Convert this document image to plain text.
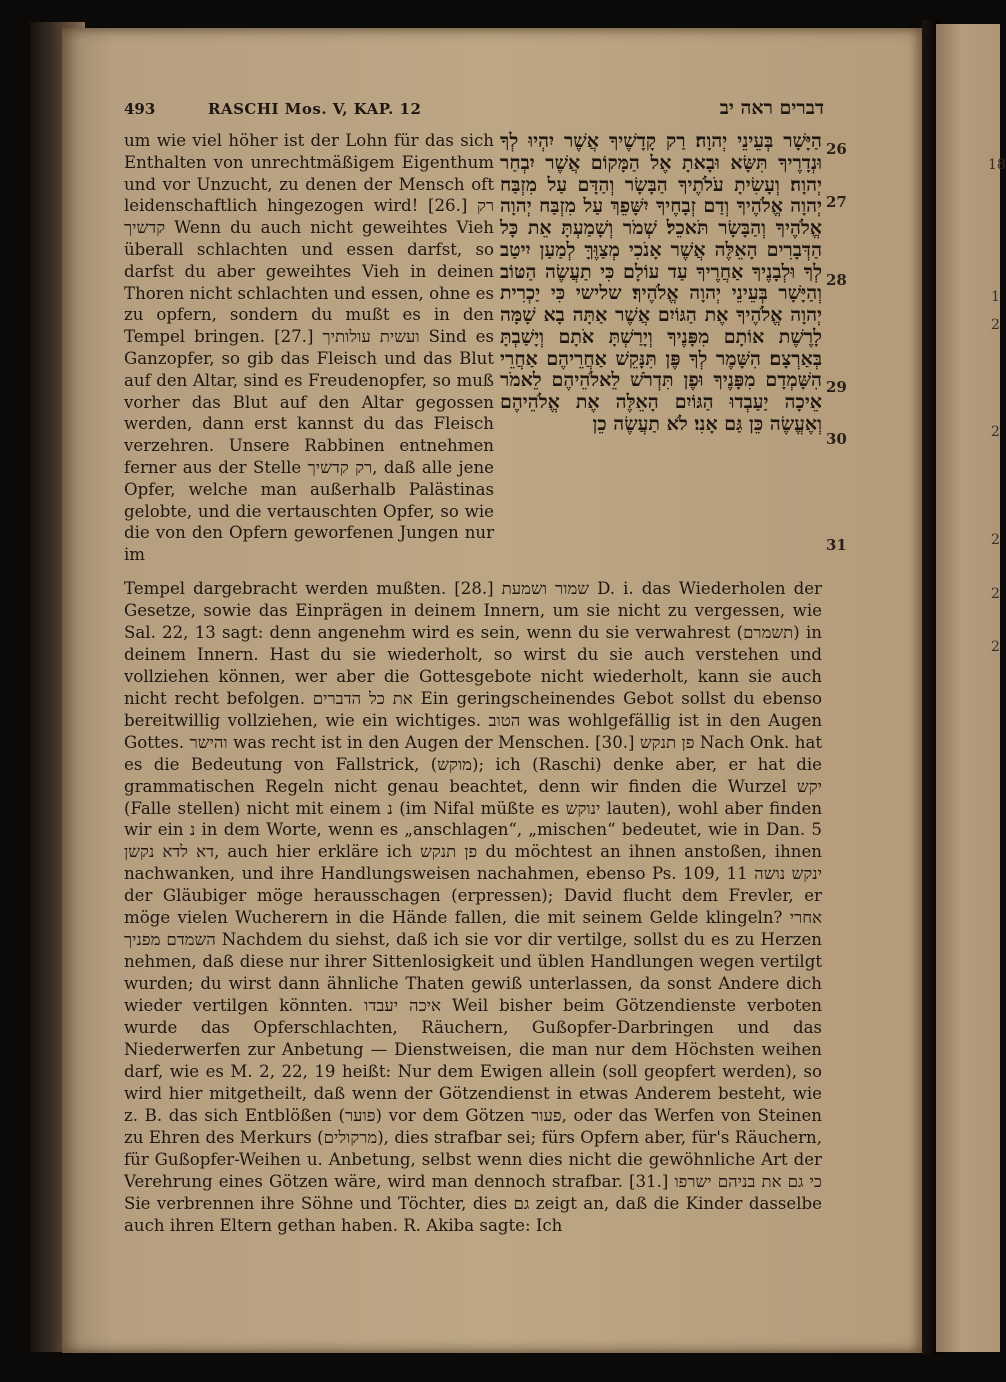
18
1
2
2
2
2
2
493	RASCHI Mos. V, KAP. 12	דברים ראה יב

um wie viel höher ist der Lohn für das sich Enthalten von unrechtmäßigem Eigenthum und vor Unzucht, zu denen der Mensch oft leidenschaftlich hingezogen wird! [26.] רק קדשיך Wenn du auch nicht geweihtes Vieh überall schlachten und essen darfst, so darfst du aber geweihtes Vieh in deinen Thoren nicht schlachten und essen, ohne es zu opfern, sondern du mußt es in den Tempel bringen. [27.] ועשית עולותיך Sind es Ganzopfer, so gib das Fleisch und das Blut auf den Altar, sind es Freudenopfer, so muß vorher das Blut auf den Altar gegossen werden, dann erst kannst du das Fleisch verzehren. Unsere Rabbinen entnehmen ferner aus der Stelle רק קדשיך, daß alle jene Opfer, welche man außerhalb Palästinas gelobte, und die vertauschten Opfer, so wie die von den Opfern geworfenen Jungen nur im

הַיָּשָׁר בְּעֵינֵי יְהוָה׃ רַק קָדָשֶׁיךָ אֲשֶׁר יִהְיוּ לְךָ וּנְדָרֶיךָ תִּשָּׂא וּבָאתָ אֶל הַמָּקוֹם אֲשֶׁר יִבְחַר יְהוָה׃ וְעָשִׂיתָ עֹלֹתֶיךָ הַבָּשָׂר וְהַדָּם עַל מִזְבַּח יְהוָה אֱלֹהֶיךָ וְדַם זְבָחֶיךָ יִשָּׁפֵךְ עַל מִזְבַּח יְהוָה אֱלֹהֶיךָ וְהַבָּשָׂר תֹּאכֵל׃ שְׁמֹר וְשָׁמַעְתָּ אֵת כָּל הַדְּבָרִים הָאֵלֶּה אֲשֶׁר אָנֹכִי מְצַוֶּךָּ לְמַעַן יִיטַב לְךָ וּלְבָנֶיךָ אַחֲרֶיךָ עַד עוֹלָם כִּי תַעֲשֶׂה הַטּוֹב וְהַיָּשָׁר בְּעֵינֵי יְהוָה אֱלֹהֶיךָ׃ שלישי כִּי יַכְרִית יְהוָה אֱלֹהֶיךָ אֶת הַגּוֹיִם אֲשֶׁר אַתָּה בָא שָׁמָּה לָרֶשֶׁת אוֹתָם מִפָּנֶיךָ וְיָרַשְׁתָּ אֹתָם וְיָשַׁבְתָּ בְּאַרְצָם׃ הִשָּׁמֶר לְךָ פֶּן תִּנָּקֵשׁ אַחֲרֵיהֶם אַחֲרֵי הִשָּׁמְדָם מִפָּנֶיךָ וּפֶן תִּדְרֹשׁ לֵאלֹהֵיהֶם לֵאמֹר אֵיכָה יַעַבְדוּ הַגּוֹיִם הָאֵלֶּה אֶת אֱלֹהֵיהֶם וְאֶעֱשֶׂה כֵּן גַּם אָנִי׃ לֹא תַעֲשֶׂה כֵן

26
27
28
29
30
31

Tempel dargebracht werden mußten. [28.] שמור ושמעת D. i. das Wiederholen der Gesetze, sowie das Einprägen in deinem Innern, um sie nicht zu vergessen, wie Sal. 22, 13 sagt: denn angenehm wird es sein, wenn du sie verwahrest (תשמרם) in deinem Innern. Hast du sie wiederholt, so wirst du sie auch verstehen und vollziehen können, wer aber die Gottesgebote nicht wiederholt, kann sie auch nicht recht befolgen. את כל הדברים Ein geringscheinendes Gebot sollst du ebenso bereitwillig vollziehen, wie ein wichtiges. הטוב was wohlgefällig ist in den Augen Gottes. והישר was recht ist in den Augen der Menschen. [30.] פן תנקש Nach Onk. hat es die Bedeutung von Fallstrick, (מוקש); ich (Raschi) denke aber, er hat die grammatischen Regeln nicht genau beachtet, denn wir finden die Wurzel יקש (Falle stellen) nicht mit einem נ (im Nifal müßte es ינוקש lauten), wohl aber finden wir ein נ in dem Worte, wenn es „anschlagen“, „mischen“ bedeutet, wie in Dan. 5 דא לדא נקשן, auch hier erkläre ich פן תנקש du möchtest an ihnen anstoßen, ihnen nachwanken, und ihre Handlungsweisen nachahmen, ebenso Ps. 109, 11 ינקש נושה der Gläubiger möge herausschagen (erpressen); David flucht dem Frevler, er möge vielen Wucherern in die Hände fallen, die mit seinem Gelde klingeln? אחרי השמדם מפניך Nachdem du siehst, daß ich sie vor dir vertilge, sollst du es zu Herzen nehmen, daß diese nur ihrer Sittenlosigkeit und üblen Handlungen wegen vertilgt wurden; du wirst dann ähnliche Thaten gewiß unterlassen, da sonst Andere dich wieder vertilgen könnten. איכה יעבדו Weil bisher beim Götzendienste verboten wurde das Opferschlachten, Räuchern, Gußopfer-Darbringen und das Niederwerfen zur Anbetung — Dienstweisen, die man nur dem Höchsten weihen darf, wie es M. 2, 22, 19 heißt: Nur dem Ewigen allein (soll geopfert werden), so wird hier mitgetheilt, daß wenn der Götzendienst in etwas Anderem besteht, wie z. B. das sich Entblößen (פוער) vor dem Götzen פעור, oder das Werfen von Steinen zu Ehren des Merkurs (מרקולים), dies strafbar sei; fürs Opfern aber, für's Räuchern, für Gußopfer-Weihen u. Anbetung, selbst wenn dies nicht die gewöhnliche Art der Verehrung eines Götzen wäre, wird man dennoch strafbar. [31.] כי גם את בניהם ישרפו Sie verbrennen ihre Söhne und Töchter, dies גם zeigt an, daß die Kinder dasselbe auch ihren Eltern gethan haben. R. Akiba sagte: Ich
